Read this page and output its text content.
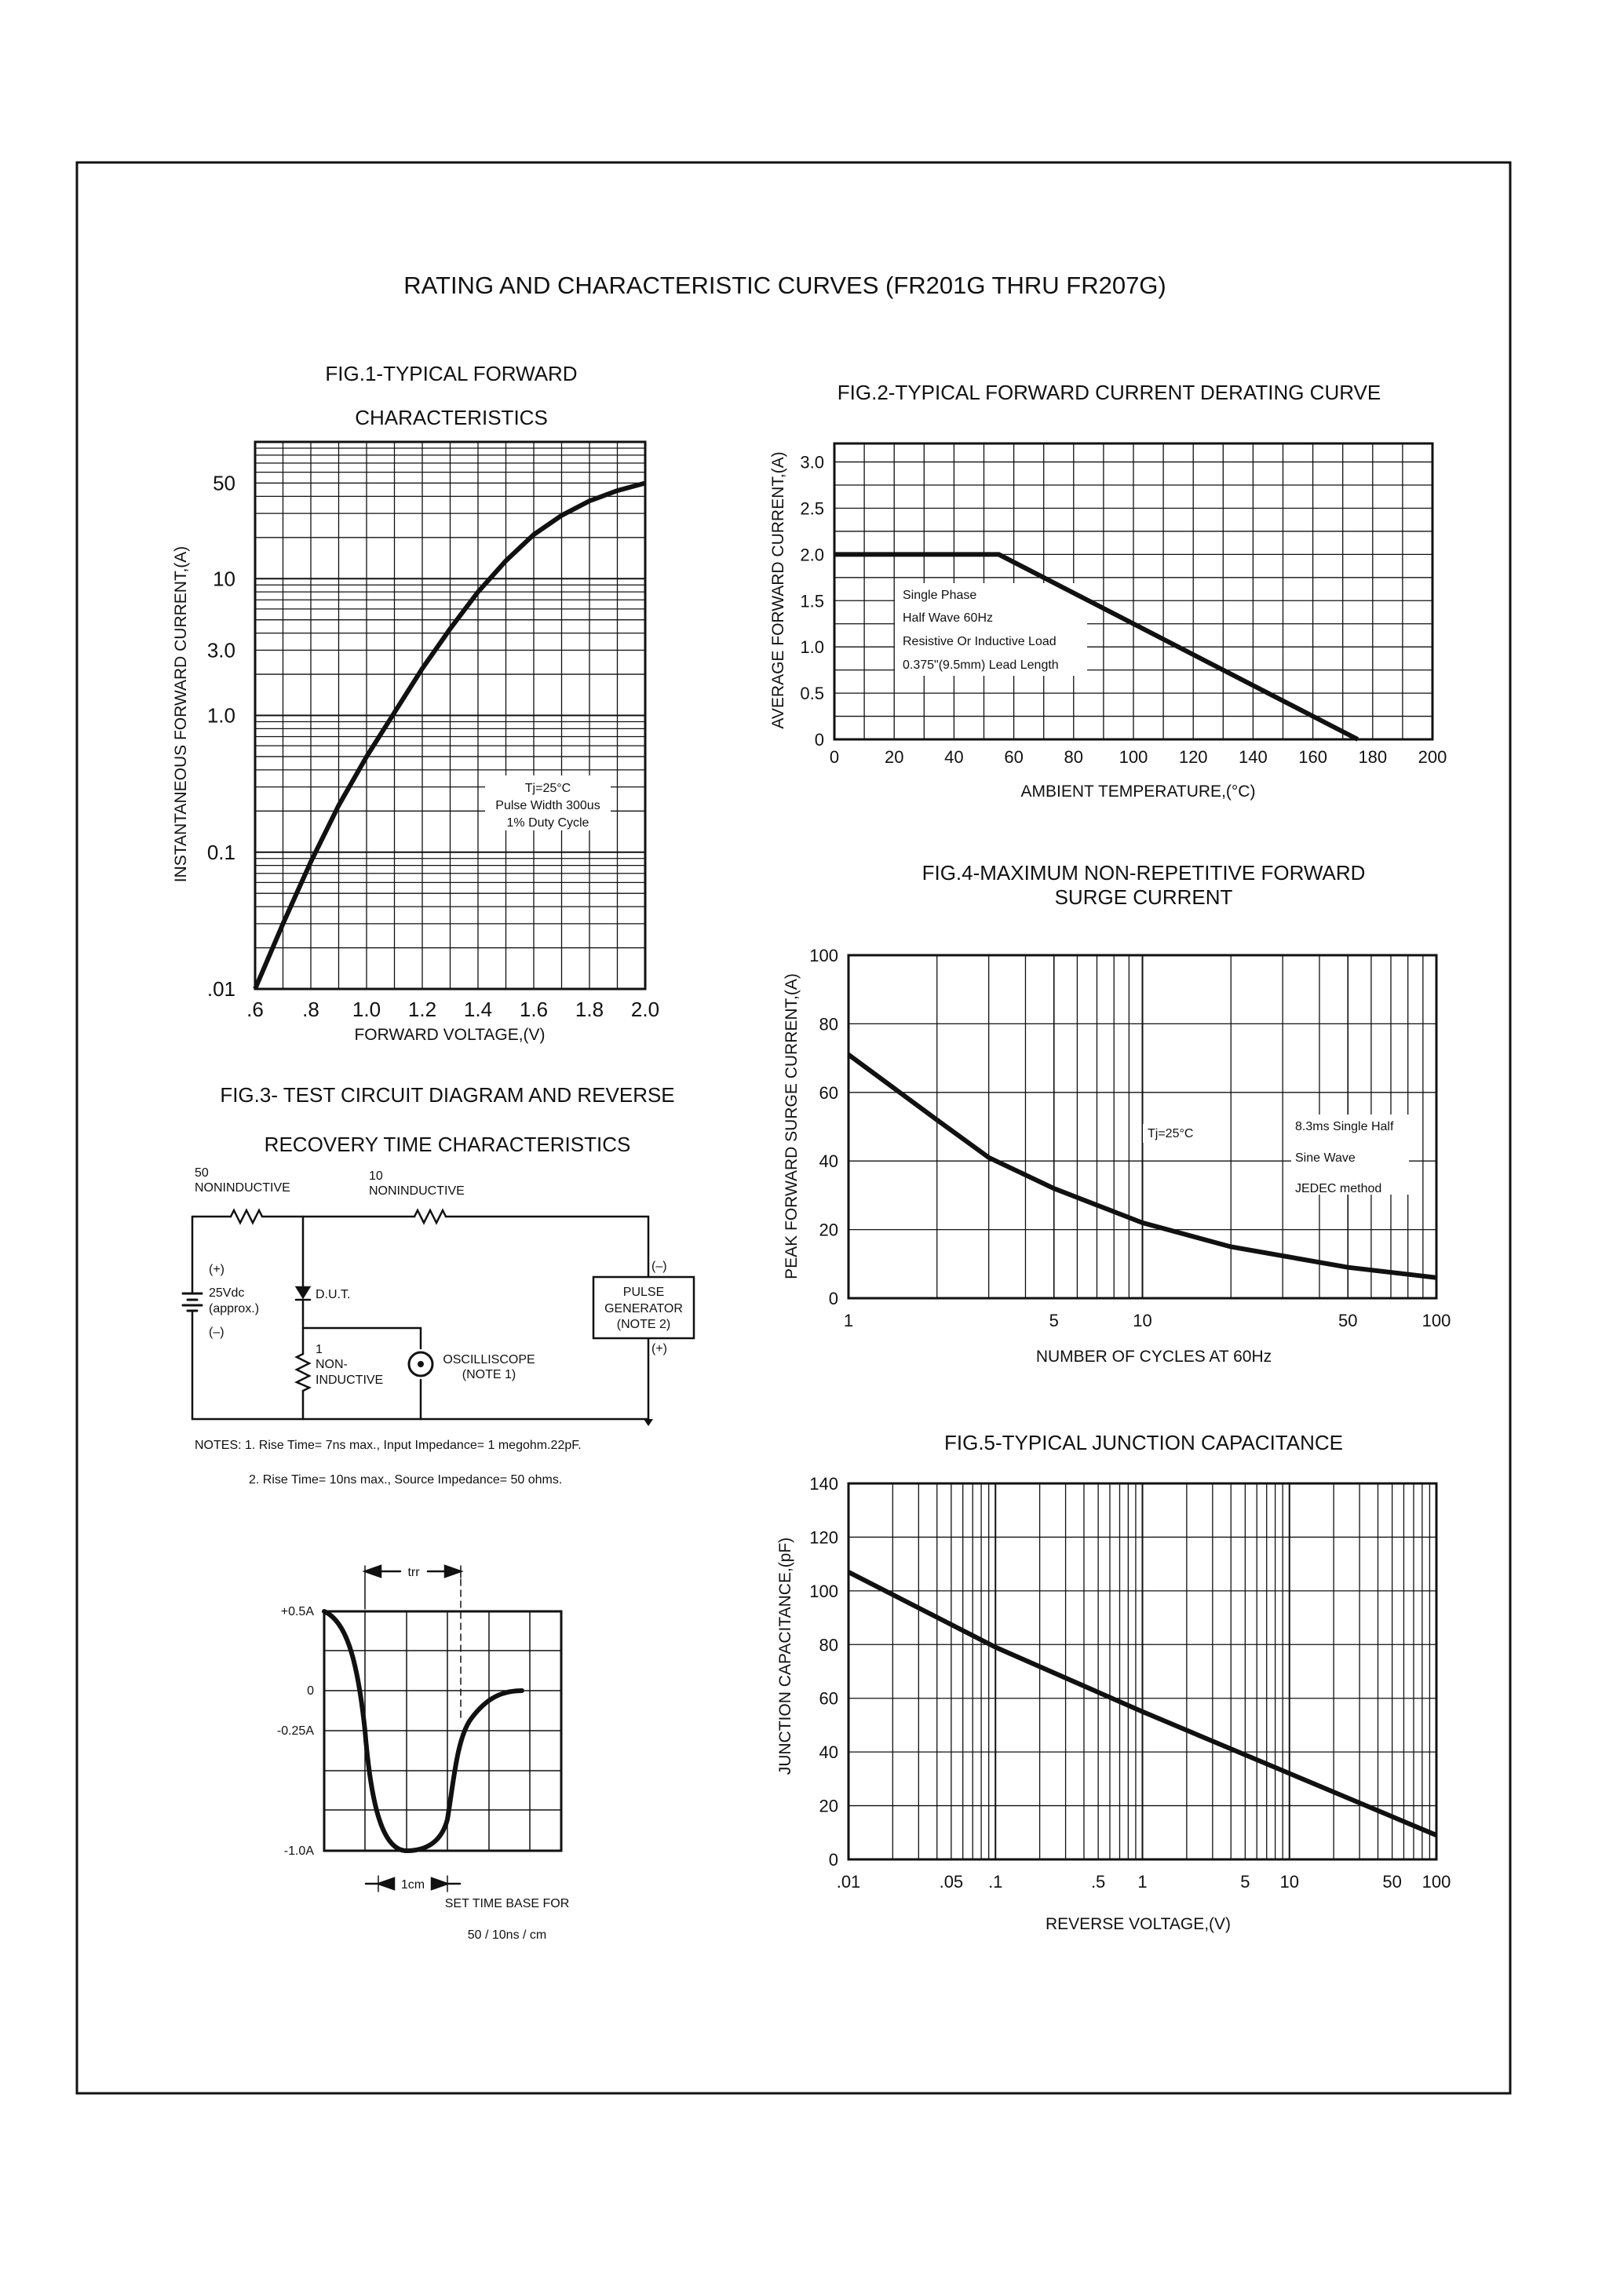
RATING AND CHARACTERISTIC CURVES (FR201G THRU FR207G)
FIG.1-TYPICAL FORWARD
CHARACTERISTICS
.6 .8 1.0 1.2 1.4 1.6 1.8 2.0
50
10
3.0
1.0
0.1
.01
FORWARD VOLTAGE,(V)
INSTANTANEOUS FORWARD CURRENT,(A)	Tj=25°C
Pulse Width 300us
1% Duty Cycle
FIG.2-TYPICAL FORWARD CURRENT DERATING CURVE
0	20 40 60 80 100 120 140 160 180 200
3.0
2.5
2.0
1.5
1.0
0.5
0
AMBIENT TEMPERATURE,(°C)
AVERAGE FORWARD CURRENT,(A)	Single Phase
Half Wave 60Hz
Resistive Or Inductive Load
0.375"(9.5mm) Lead Length
FIG.4-MAXIMUM NON-REPETITIVE FORWARD
SURGE CURRENT
1	5	10	50	100
100
80
60
40
20
0
NUMBER OF CYCLES AT 60Hz
PEAK FORWARD SURGE CURRENT,(A)	Tj=25°C
8.3ms Single Half
Sine Wave
JEDEC method
FIG.5-TYPICAL JUNCTION CAPACITANCE
.01	.05 .1	.5 1	5 10	50 100
140
120
100
80
60
40
20
0
REVERSE VOLTAGE,(V)
JUNCTION CAPACITANCE,(pF)
FIG.3- TEST CIRCUIT DIAGRAM AND REVERSE
RECOVERY TIME CHARACTERISTICS
50
NONINDUCTIVE
10
NONINDUCTIVE
(+)
25Vdc
(approx.)
(–)
D.U.T.
1
NON-
INDUCTIVE
OSCILLISCOPE
(NOTE 1)
PULSE
GENERATOR
(NOTE 2)
(–)
(+)
NOTES: 1. Rise Time= 7ns max., Input Impedance= 1 megohm.22pF.
2. Rise Time= 10ns max., Source Impedance= 50 ohms.
trr
+0.5A
0
-0.25A
-1.0A
1cm
SET TIME BASE FOR
50 / 10ns / cm
